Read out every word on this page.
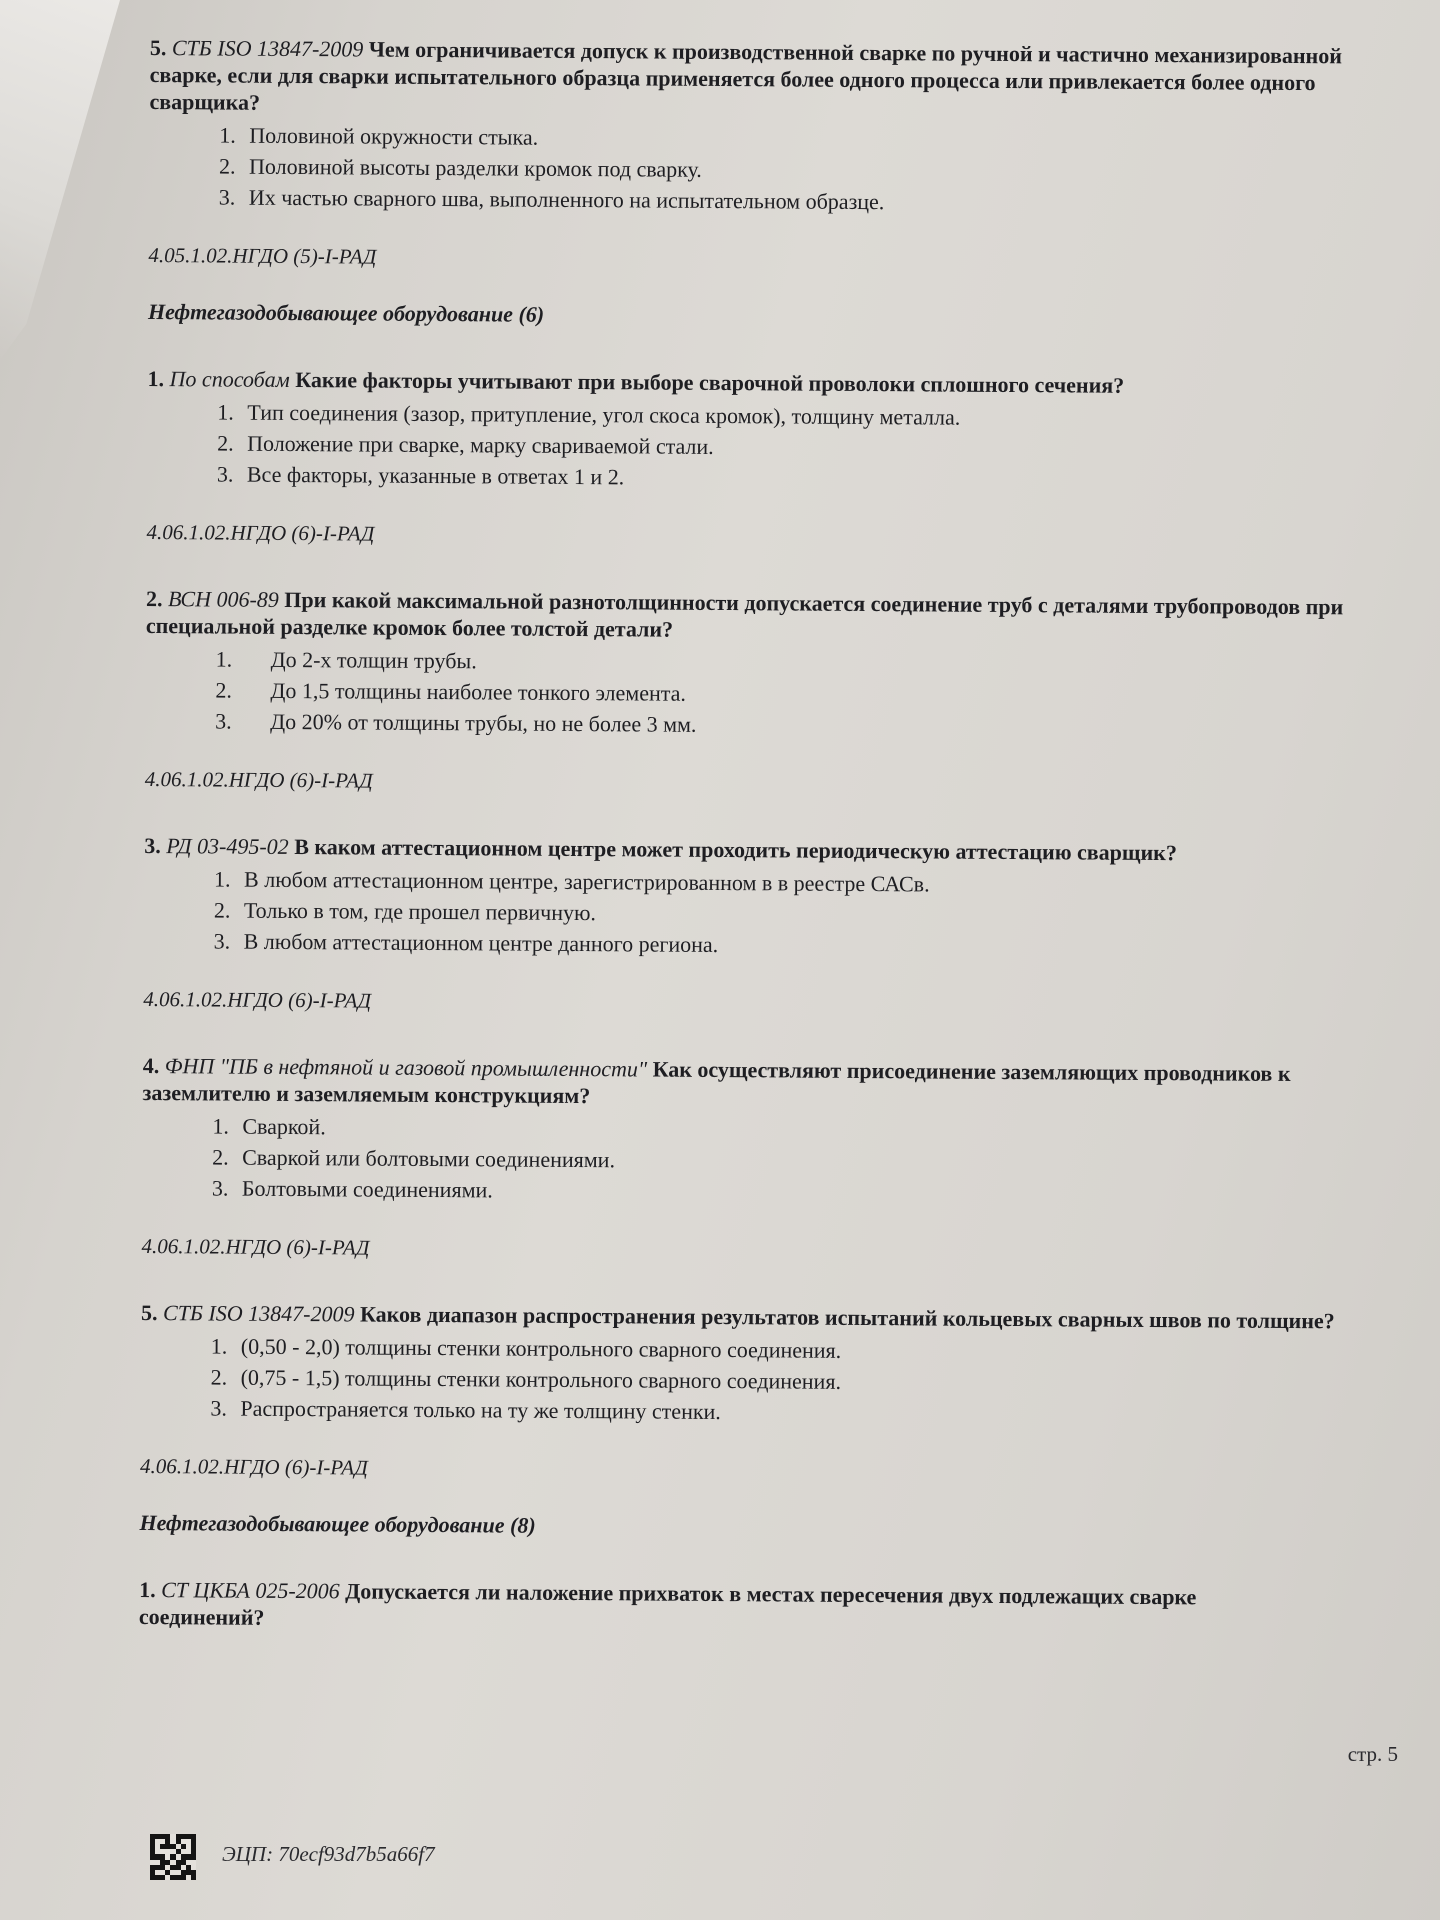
5. СТБ ISO 13847-2009 Чем ограничивается допуск к производственной сварке по ручной и частично механизированной сварке, если для сварки испытательного образца применяется более одного процесса или привлекается более одного сварщика?

1. Половиной окружности стыка.
2. Половиной высоты разделки кромок под сварку.
3. Их частью сварного шва, выполненного на испытательном образце.

4.05.1.02.НГДО (5)-I-РАД

Нефтегазодобывающее оборудование (6)

1. По способам Какие факторы учитывают при выборе сварочной проволоки сплошного сечения?

1. Тип соединения (зазор, притупление, угол скоса кромок), толщину металла.
2. Положение при сварке, марку свариваемой стали.
3. Все факторы, указанные в ответах 1 и 2.

4.06.1.02.НГДО (6)-I-РАД

2. ВСН 006-89 При какой максимальной разнотолщинности допускается соединение труб с деталями трубопроводов при специальной разделке кромок более толстой детали?

1.	До 2-х толщин трубы.
2.	До 1,5 толщины наиболее тонкого элемента.
3.	До 20% от толщины трубы, но не более 3 мм.

4.06.1.02.НГДО (6)-I-РАД

3. РД 03-495-02 В каком аттестационном центре может проходить периодическую аттестацию сварщик?

1. В любом аттестационном центре, зарегистрированном в в реестре САСв.
2. Только в том, где прошел первичную.
3. В любом аттестационном центре данного региона.

4.06.1.02.НГДО (6)-I-РАД

4. ФНП "ПБ в нефтяной и газовой промышленности" Как осуществляют присоединение заземляющих проводников к заземлителю и заземляемым конструкциям?

1. Сваркой.
2. Сваркой или болтовыми соединениями.
3. Болтовыми соединениями.

4.06.1.02.НГДО (6)-I-РАД

5. СТБ ISO 13847-2009 Каков диапазон распространения результатов испытаний кольцевых сварных швов по толщине?

1. (0,50 - 2,0) толщины стенки контрольного сварного соединения.
2. (0,75 - 1,5) толщины стенки контрольного сварного соединения.
3. Распространяется только на ту же толщину стенки.

4.06.1.02.НГДО (6)-I-РАД

Нефтегазодобывающее оборудование (8)

1. СТ ЦКБА 025-2006 Допускается ли наложение прихваток в местах пересечения двух подлежащих сварке соединений?

стр. 5
ЭЦП: 70ecf93d7b5a66f7
